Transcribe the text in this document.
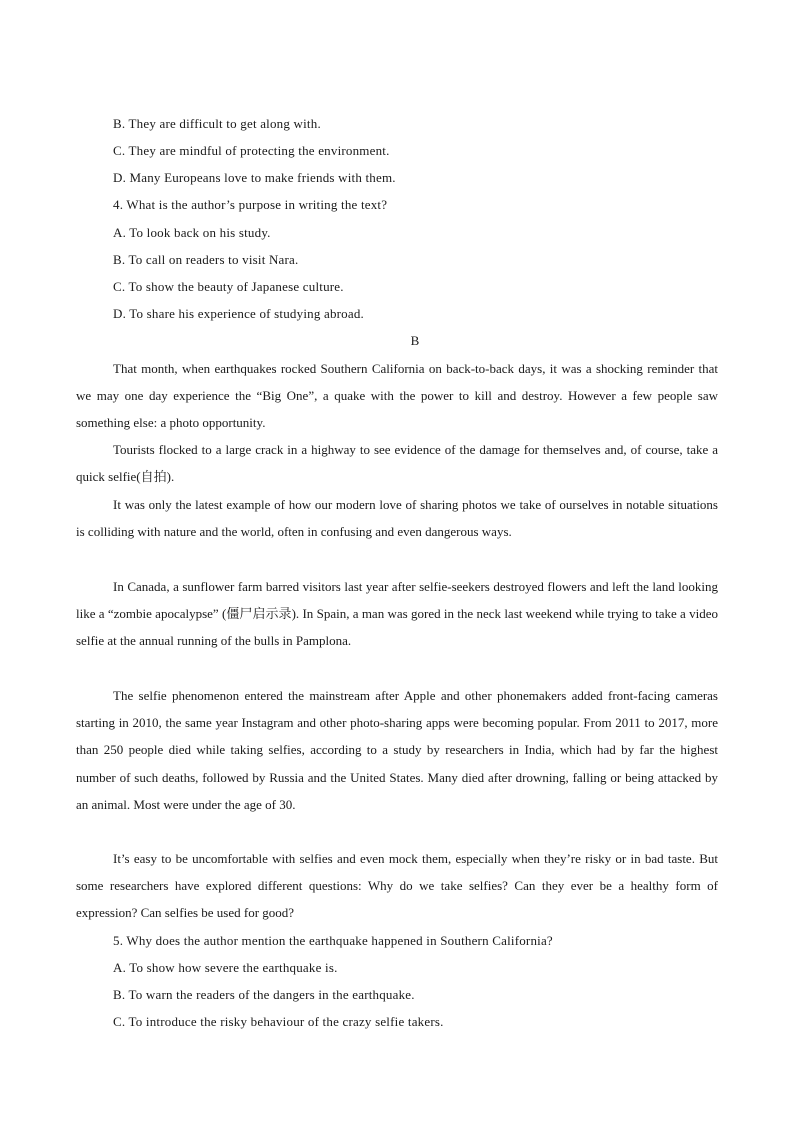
B. They are difficult to get along with.
C. They are mindful of protecting the environment.
D. Many Europeans love to make friends with them.
4. What is the author’s purpose in writing the text?
A. To look back on his study.
B. To call on readers to visit Nara.
C. To show the beauty of Japanese culture.
D. To share his experience of studying abroad.
B

That month, when earthquakes rocked Southern California on back-to-back days, it was a shocking reminder that we may one day experience the “Big One”, a quake with the power to kill and destroy. However a few people saw something else: a photo opportunity.

Tourists flocked to a large crack in a highway to see evidence of the damage for themselves and, of course, take a quick selfie(自拍).

It was only the latest example of how our modern love of sharing photos we take of ourselves in notable situations is colliding with nature and the world, often in confusing and even dangerous ways.

In Canada, a sunflower farm barred visitors last year after selfie-seekers destroyed flowers and left the land looking like a “zombie apocalypse” (僵尸启示录). In Spain, a man was gored in the neck last weekend while trying to take a video selfie at the annual running of the bulls in Pamplona.

The selfie phenomenon entered the mainstream after Apple and other phonemakers added front-facing cameras starting in 2010, the same year Instagram and other photo-sharing apps were becoming popular. From 2011 to 2017, more than 250 people died while taking selfies, according to a study by researchers in India, which had by far the highest number of such deaths, followed by Russia and the United States. Many died after drowning, falling or being attacked by an animal. Most were under the age of 30.

It’s easy to be uncomfortable with selfies and even mock them, especially when they’re risky or in bad taste. But some researchers have explored different questions: Why do we take selfies? Can they ever be a healthy form of expression? Can selfies be used for good?

5. Why does the author mention the earthquake happened in Southern California?
A. To show how severe the earthquake is.
B. To warn the readers of the dangers in the earthquake.
C. To introduce the risky behaviour of the crazy selfie takers.
